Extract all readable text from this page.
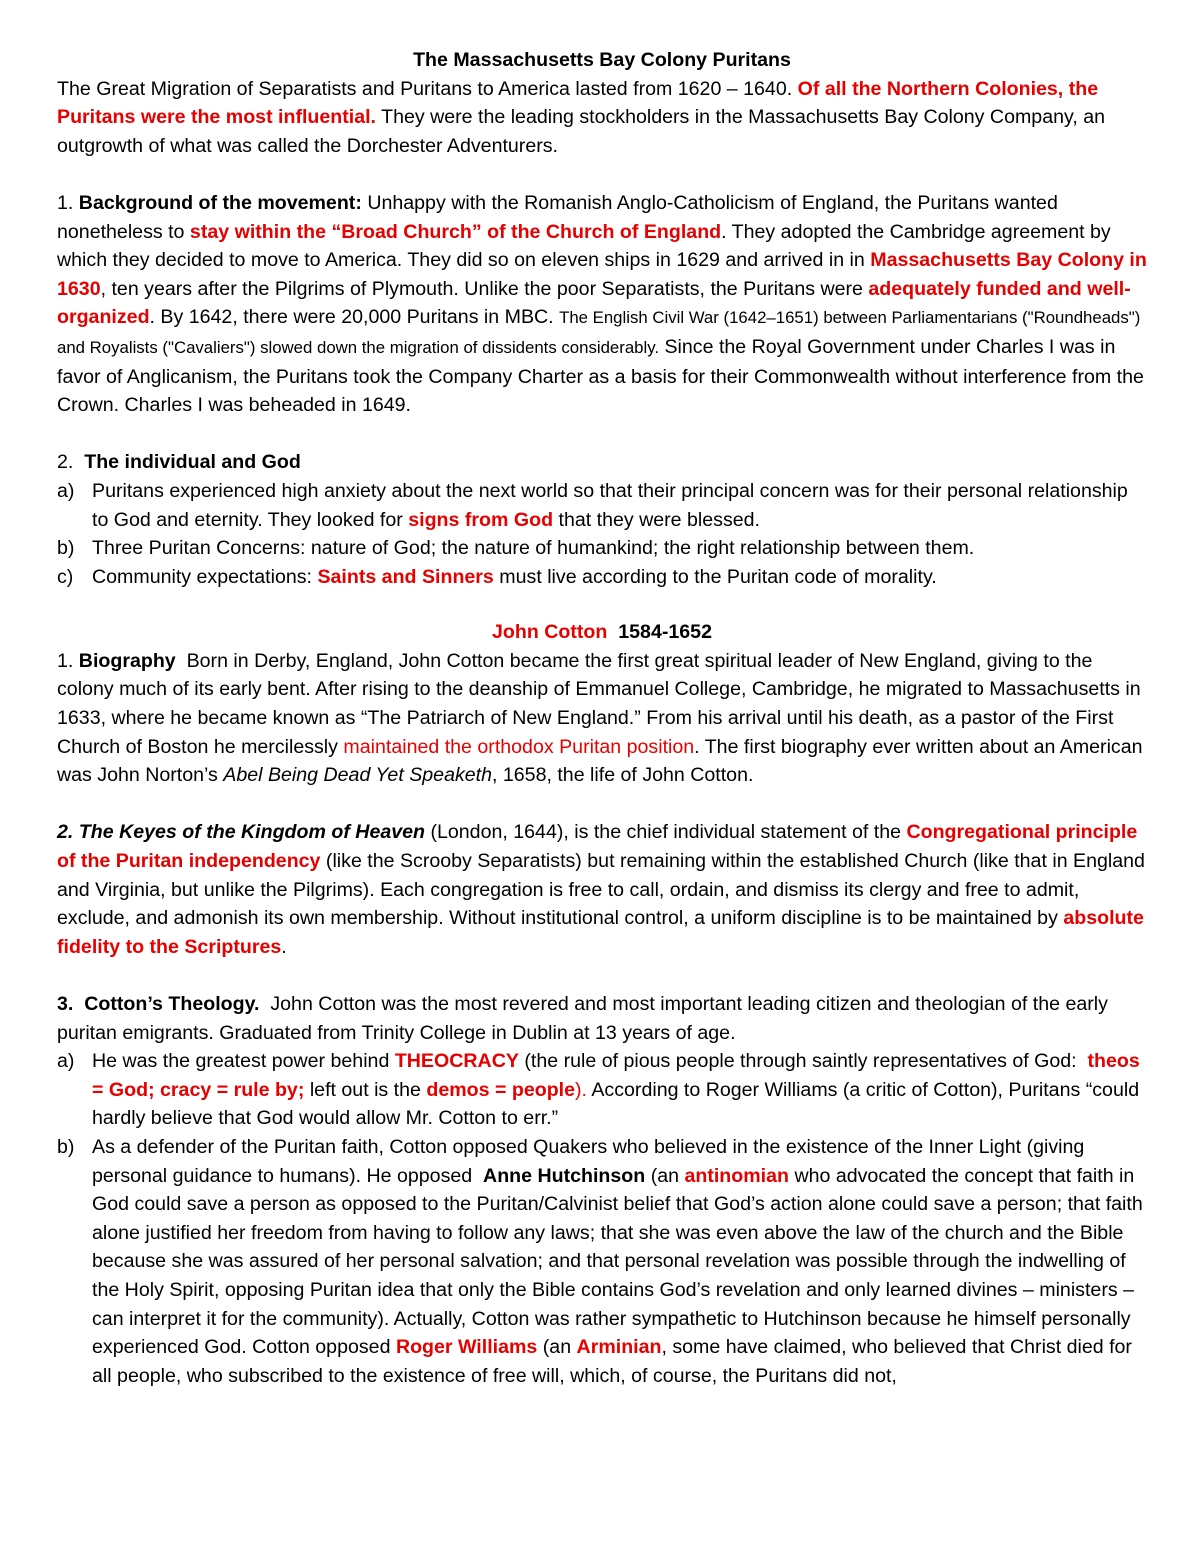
The Massachusetts Bay Colony Puritans

The Great Migration of Separatists and Puritans to America lasted from 1620 – 1640. Of all the Northern Colonies, the Puritans were the most influential. They were the leading stockholders in the Massachusetts Bay Colony Company, an outgrowth of what was called the Dorchester Adventurers.

1. Background of the movement: Unhappy with the Romanish Anglo-Catholicism of England, the Puritans wanted nonetheless to stay within the “Broad Church” of the Church of England. They adopted the Cambridge agreement by which they decided to move to America. They did so on eleven ships in 1629 and arrived in in Massachusetts Bay Colony in 1630, ten years after the Pilgrims of Plymouth. Unlike the poor Separatists, the Puritans were adequately funded and well-organized. By 1642, there were 20,000 Puritans in MBC. The English Civil War (1642–1651) between Parliamentarians ("Roundheads") and Royalists ("Cavaliers") slowed down the migration of dissidents considerably. Since the Royal Government under Charles I was in favor of Anglicanism, the Puritans took the Company Charter as a basis for their Commonwealth without interference from the Crown. Charles I was beheaded in 1649.

2. The individual and God

a) Puritans experienced high anxiety about the next world so that their principal concern was for their personal relationship to God and eternity. They looked for signs from God that they were blessed.

b) Three Puritan Concerns: nature of God; the nature of humankind; the right relationship between them.

c) Community expectations: Saints and Sinners must live according to the Puritan code of morality.

John Cotton 1584-1652

1. Biography Born in Derby, England, John Cotton became the first great spiritual leader of New England, giving to the colony much of its early bent. After rising to the deanship of Emmanuel College, Cambridge, he migrated to Massachusetts in 1633, where he became known as “The Patriarch of New England.” From his arrival until his death, as a pastor of the First Church of Boston he mercilessly maintained the orthodox Puritan position. The first biography ever written about an American was John Norton’s Abel Being Dead Yet Speaketh, 1658, the life of John Cotton.

2. The Keyes of the Kingdom of Heaven (London, 1644), is the chief individual statement of the Congregational principle of the Puritan independency (like the Scrooby Separatists) but remaining within the established Church (like that in England and Virginia, but unlike the Pilgrims). Each congregation is free to call, ordain, and dismiss its clergy and free to admit, exclude, and admonish its own membership. Without institutional control, a uniform discipline is to be maintained by absolute fidelity to the Scriptures.

3. Cotton’s Theology. John Cotton was the most revered and most important leading citizen and theologian of the early puritan emigrants. Graduated from Trinity College in Dublin at 13 years of age.

a) He was the greatest power behind THEOCRACY (the rule of pious people through saintly representatives of God: theos = God; cracy = rule by; left out is the demos = people). According to Roger Williams (a critic of Cotton), Puritans “could hardly believe that God would allow Mr. Cotton to err.”

b) As a defender of the Puritan faith, Cotton opposed Quakers who believed in the existence of the Inner Light (giving personal guidance to humans). He opposed Anne Hutchinson (an antinomian who advocated the concept that faith in God could save a person as opposed to the Puritan/Calvinist belief that God’s action alone could save a person; that faith alone justified her freedom from having to follow any laws; that she was even above the law of the church and the Bible because she was assured of her personal salvation; and that personal revelation was possible through the indwelling of the Holy Spirit, opposing Puritan idea that only the Bible contains God’s revelation and only learned divines – ministers – can interpret it for the community). Actually, Cotton was rather sympathetic to Hutchinson because he himself personally experienced God. Cotton opposed Roger Williams (an Arminian, some have claimed, who believed that Christ died for all people, who subscribed to the existence of free will, which, of course, the Puritans did not,
